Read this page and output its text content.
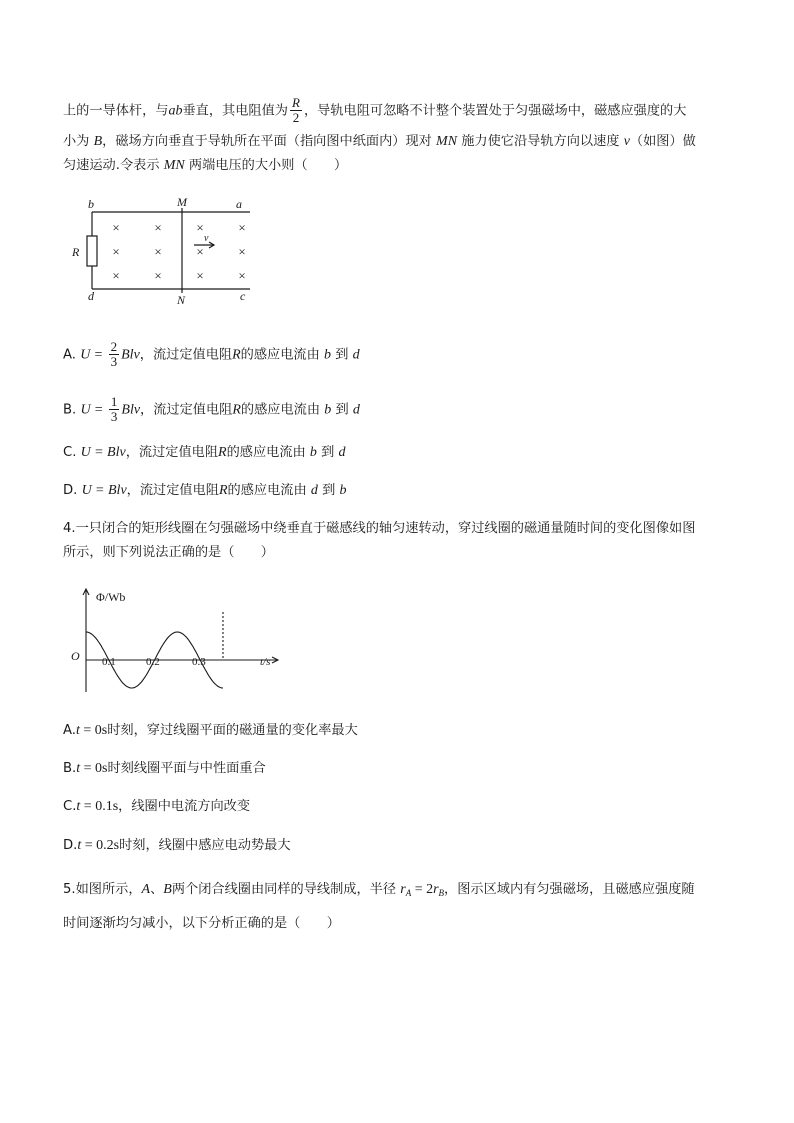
上的一导体杆，与ab垂直，其电阻值为 $\frac{R}{2}$ ，导轨电阻可忽略不计整个装置处于匀强磁场中，磁感应强度的大
小为 B，磁场方向垂直于导轨所在平面（指向图中纸面内）现对 MN 施力使它沿导轨方向以速度 v（如图）做
匀速运动.令表示 MN 两端电压的大小则（　　）
b	a
d	c
M
N
R
v
×	×	×	×
×	×	×	×
×	×	×	×
A. $U = \frac{2}{3}$ Blv，流过定值电阻R的感应电流由 b 到 d
B. $U = \frac{1}{3}$ Blv，流过定值电阻R的感应电流由 b 到 d
C. U = Blv，流过定值电阻R的感应电流由 b 到 d
D. U = Blv，流过定值电阻R的感应电流由 d 到 b
4.一只闭合的矩形线圈在匀强磁场中绕垂直于磁感线的轴匀速转动，穿过线圈的磁通量随时间的变化图像如图
所示，则下列说法正确的是（　　）
Φ/Wb
O 0.1	0.2	0.3	t/s
A.t = 0s时刻，穿过线圈平面的磁通量的变化率最大
B.t = 0s时刻线圈平面与中性面重合
C.t = 0.1s，线圈中电流方向改变
D.t = 0.2s时刻，线圈中感应电动势最大
5.如图所示，A、B两个闭合线圈由同样的导线制成，半径 $r_A = 2r_B$，图示区域内有匀强磁场，且磁感应强度随
时间逐渐均匀减小，以下分析正确的是（　　）
